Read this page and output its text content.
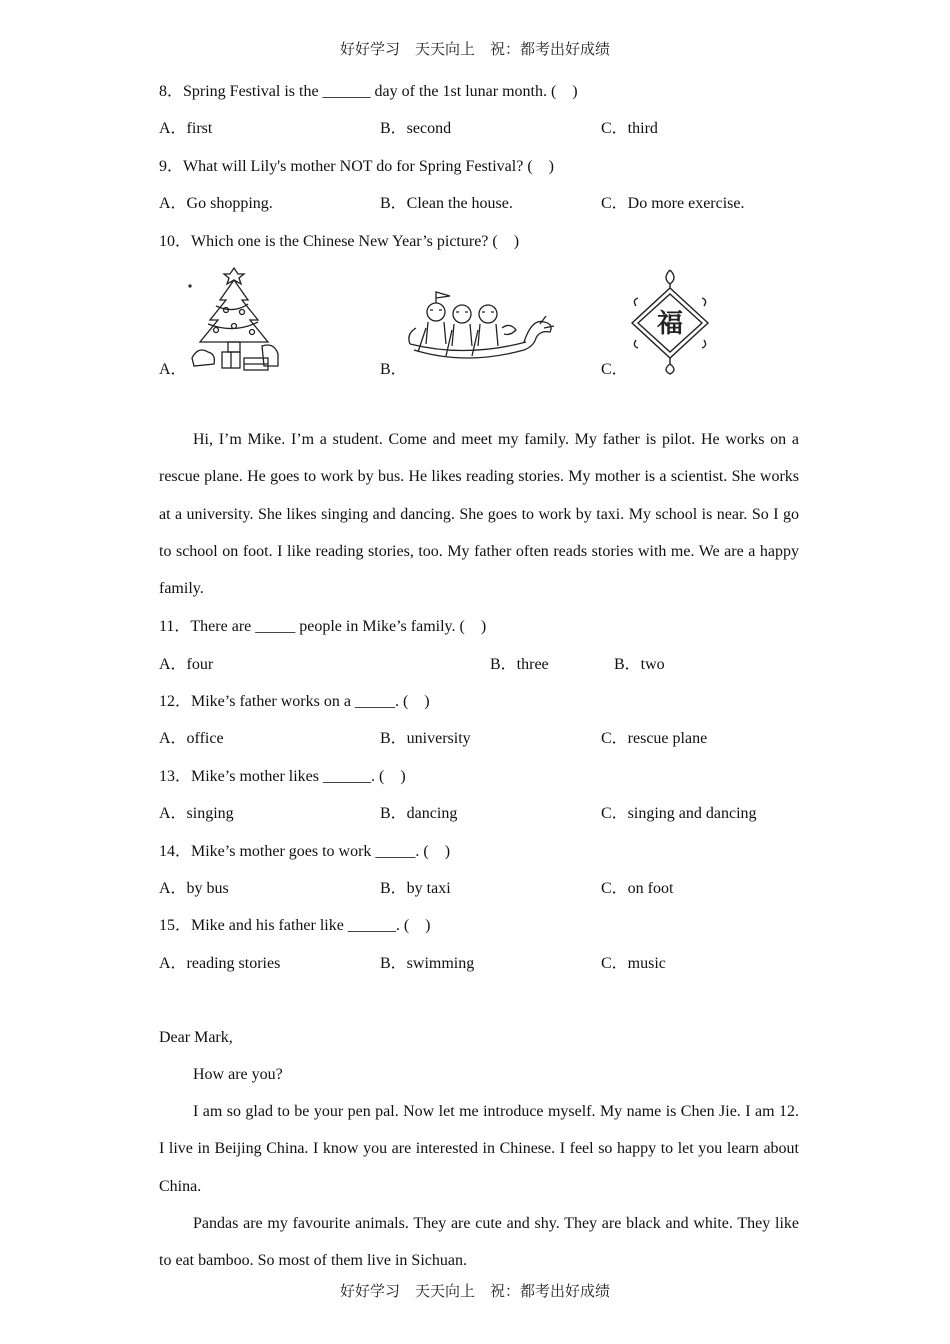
好好学习　天天向上　祝：都考出好成绩
8．Spring Festival is the ______ day of the 1st lunar month. (　)
A．first	B．second	C．third
9．What will Lily's mother NOT do for Spring Festival? (　)
A．Go shopping.	B．Clean the house.	C．Do more exercise.
10．Which one is the Chinese New Year’s picture? (　)
A．	B．	C．
福
Hi, I’m Mike. I’m a student. Come and meet my family. My father is pilot. He works on a rescue plane. He goes to work by bus. He likes reading stories. My mother is a scientist. She works at a university. She likes singing and dancing. She goes to work by taxi. My school is near. So I go to school on foot. I like reading stories, too. My father often reads stories with me. We are a happy family.
11．There are _____ people in Mike’s family. (　)
A．four	B．three	B．two
12．Mike’s father works on a _____. (　)
A．office	B．university	C．rescue plane
13．Mike’s mother likes ______. (　)
A．singing	B．dancing	C．singing and dancing
14．Mike’s mother goes to work _____. (　)
A．by bus	B．by taxi	C．on foot
15．Mike and his father like ______. (　)
A．reading stories	B．swimming	C．music
Dear Mark,
How are you?
I am so glad to be your pen pal. Now let me introduce myself. My name is Chen Jie. I am 12. I live in Beijing China. I know you are interested in Chinese. I feel so happy to let you learn about China.
Pandas are my favourite animals. They are cute and shy. They are black and white. They like to eat bamboo. So most of them live in Sichuan.
好好学习　天天向上　祝：都考出好成绩
